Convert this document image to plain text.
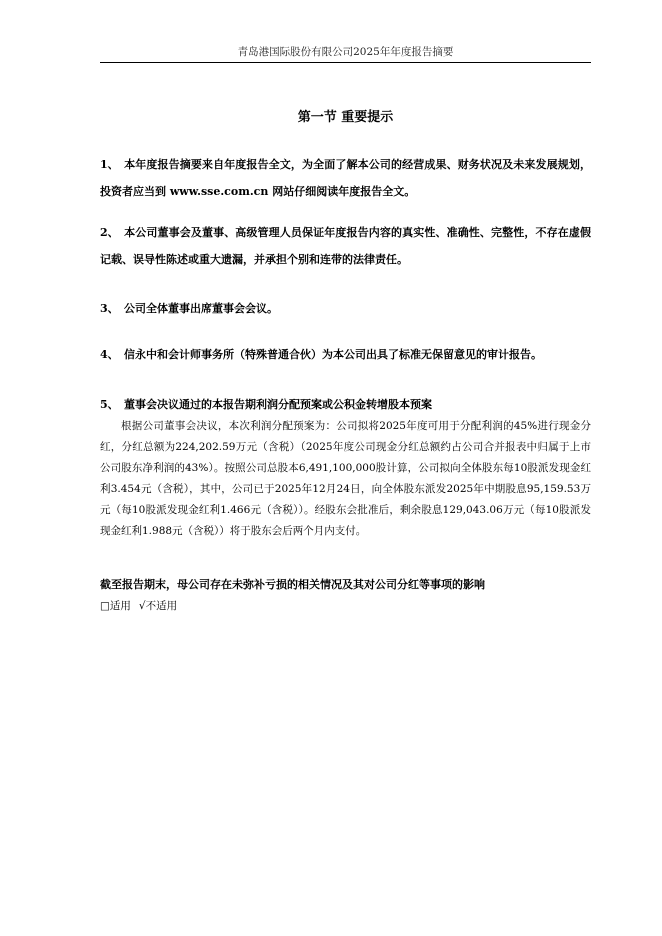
青岛港国际股份有限公司2025年年度报告摘要
第一节 重要提示
1、 本年度报告摘要来自年度报告全文，为全面了解本公司的经营成果、财务状况及未来发展规划，投资者应当到 www.sse.com.cn 网站仔细阅读年度报告全文。
2、 本公司董事会及董事、高级管理人员保证年度报告内容的真实性、准确性、完整性，不存在虚假记载、误导性陈述或重大遗漏，并承担个别和连带的法律责任。
3、 公司全体董事出席董事会会议。
4、 信永中和会计师事务所（特殊普通合伙）为本公司出具了标准无保留意见的审计报告。
5、 董事会决议通过的本报告期利润分配预案或公积金转增股本预案
根据公司董事会决议，本次利润分配预案为：公司拟将2025年度可用于分配利润的45%进行现金分红，分红总额为224,202.59万元（含税）（2025年度公司现金分红总额约占公司合并报表中归属于上市公司股东净利润的43%）。按照公司总股本6,491,100,000股计算，公司拟向全体股东每10股派发现金红利3.454元（含税），其中，公司已于2025年12月24日，向全体股东派发2025年中期股息95,159.53万元（每10股派发现金红利1.466元（含税））。经股东会批准后，剩余股息129,043.06万元（每10股派发现金红利1.988元（含税））将于股东会后两个月内支付。
截至报告期末，母公司存在未弥补亏损的相关情况及其对公司分红等事项的影响
□适用 √不适用
